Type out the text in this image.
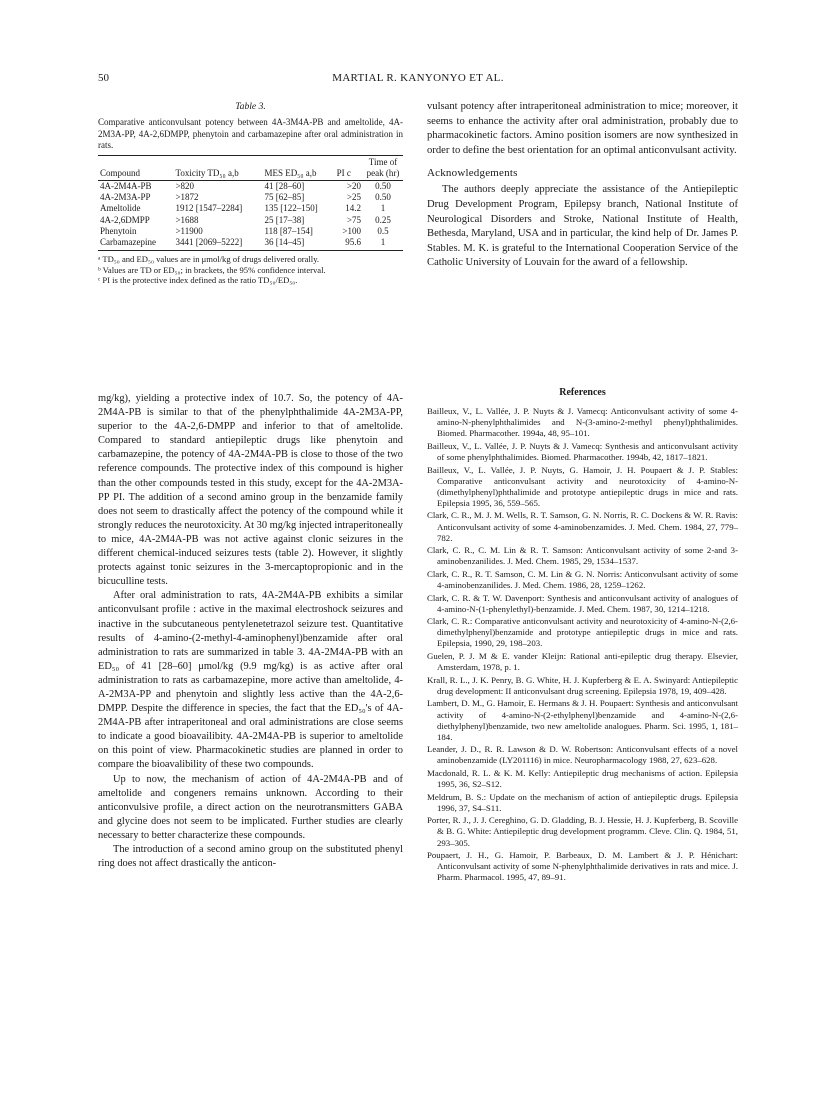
50	MARTIAL R. KANYONYO ET AL.
Table 3.
Comparative anticonvulsant potency between 4A-3M4A-PB and ameltolide, 4A-2M3A-PP, 4A-2,6DMPP, phenytoin and carbamazepine after oral administration in rats.
Compound	Toxicity TD₅₀ a,b	MES ED₅₀ a,b	PI c	Time of peak (hr)
4A-2M4A-PB	>820	41 [28–60]	>20	0.50
4A-2M3A-PP	>1872	75 [62–85]	>25	0.50
Ameltolide	1912 [1547–2284]	135 [122–150]	14.2	1
4A-2,6DMPP	>1688	25 [17–38]	>75	0.25
Phenytoin	>11900	118 [87–154]	>100	0.5
Carbamazepine	3441 [2069–5222]	36 [14–45]	95.6	1

ᵃ TD₅₀ and ED₅₀ values are in μmol/kg of drugs delivered orally.

ᵇ Values are TD or ED₅₀; in brackets, the 95% confidence interval.

ᶜ PI is the protective index defined as the ratio TD₅₀/ED₅₀.

vulsant potency after intraperitoneal administration to mice; moreover, it seems to enhance the activity after oral administration, probably due to pharmacokinetic factors. Amino position isomers are now synthesized in order to define the best orientation for an optimal anticonvulsant activity.

Acknowledgements

The authors deeply appreciate the assistance of the Antiepileptic Drug Development Program, Epilepsy branch, National Institute of Neurological Disorders and Stroke, National Institute of Health, Bethesda, Maryland, USA and in particular, the kind help of Dr. James P. Stables. M. K. is grateful to the International Cooperation Service of the Catholic University of Louvain for the award of a fellowship.

mg/kg), yielding a protective index of 10.7. So, the potency of 4A-2M4A-PB is similar to that of the phenylphthalimide 4A-2M3A-PP, superior to the 4A-2,6-DMPP and inferior to that of ameltolide. Compared to standard antiepileptic drugs like phenytoin and carbamazepine, the potency of 4A-2M4A-PB is close to those of the two reference compounds. The protective index of this compound is higher than the other compounds tested in this study, except for the 4A-2M3A-PP PI. The addition of a second amino group in the benzamide family does not seem to drastically affect the potency of the compound while it strongly reduces the neurotoxicity. At 30 mg/kg injected intraperitoneally to mice, 4A-2M4A-PB was not active against clonic seizures in the different chemical-induced seizures tests (table 2). However, it slightly protects against tonic seizures in the 3-mercaptopropionic and in the bicuculline tests.

After oral administration to rats, 4A-2M4A-PB exhibits a similar anticonvulsant profile : active in the maximal electroshock seizures and inactive in the subcutaneous pentylenetetrazol seizure test. Quantitative results of 4-amino-(2-methyl-4-aminophenyl)benzamide after oral administration to rats are summarized in table 3. 4A-2M4A-PB with an ED₅₀ of 41 [28–60] μmol/kg (9.9 mg/kg) is as active after oral administration to rats as carbamazepine, more active than ameltolide, 4-A-2M3A-PP and phenytoin and slightly less active than the 4A-2,6-DMPP. Despite the difference in species, the fact that the ED₅₀'s of 4A-2M4A-PB after intraperitoneal and oral administrations are close seems to indicate a good bioavailibity. 4A-2M4A-PB is superior to ameltolide on this point of view. Pharmacokinetic studies are planned in order to compare the bioavalibility of these two compounds.

Up to now, the mechanism of action of 4A-2M4A-PB and of ameltolide and congeners remains unknown. According to their anticonvulsive profile, a direct action on the neurotransmitters GABA and glycine does not seem to be implicated. Further studies are clearly necessary to better characterize these compounds.

The introduction of a second amino group on the substituted phenyl ring does not affect drastically the anticon-

References

Bailleux, V., L. Vallée, J. P. Nuyts & J. Vamecq: Anticonvulsant activity of some 4-amino-N-phenylphthalimides and N-(3-amino-2-methyl phenyl)phthalimides. Biomed. Pharmacother. 1994a, 48, 95–101.

Bailleux, V., L. Vallée, J. P. Nuyts & J. Vamecq: Synthesis and anticonvulsant activity of some phenylphthalimides. Biomed. Pharmacother. 1994b, 42, 1817–1821.

Bailleux, V., L. Vallée, J. P. Nuyts, G. Hamoir, J. H. Poupaert & J. P. Stables: Comparative anticonvulsant activity and neurotoxicity of 4-amino-N-(dimethylphenyl)phthalimide and prototype antiepileptic drugs in mice and rats. Epilepsia 1995, 36, 559–565.

Clark, C. R., M. J. M. Wells, R. T. Samson, G. N. Norris, R. C. Dockens & W. R. Ravis: Anticonvulsant activity of some 4-aminobenzamides. J. Med. Chem. 1984, 27, 779–782.

Clark, C. R., C. M. Lin & R. T. Samson: Anticonvulsant activity of some 2-and 3-aminobenzanilides. J. Med. Chem. 1985, 29, 1534–1537.

Clark, C. R., R. T. Samson, C. M. Lin & G. N. Norris: Anticonvulsant activity of some 4-aminobenzanilides. J. Med. Chem. 1986, 28, 1259–1262.

Clark, C. R. & T. W. Davenport: Synthesis and anticonvulsant activity of analogues of 4-amino-N-(1-phenylethyl)-benzamide. J. Med. Chem. 1987, 30, 1214–1218.

Clark, C. R.: Comparative anticonvulsant activity and neurotoxicity of 4-amino-N-(2,6-dimethylphenyl)benzamide and prototype antiepileptic drugs in mice and rats. Epilepsia, 1990, 29, 198–203.

Guelen, P. J. M & E. vander Kleijn: Rational anti-epileptic drug therapy. Elsevier, Amsterdam, 1978, p. 1.

Krall, R. L., J. K. Penry, B. G. White, H. J. Kupferberg & E. A. Swinyard: Antiepileptic drug development: II anticonvulsant drug screening. Epilepsia 1978, 19, 409–428.

Lambert, D. M., G. Hamoir, E. Hermans & J. H. Poupaert: Synthesis and anticonvulsant activity of 4-amino-N-(2-ethylphenyl)benzamide and 4-amino-N-(2,6-diethylphenyl)benzamide, two new ameltolide analogues. Pharm. Sci. 1995, 1, 181–184.

Leander, J. D., R. R. Lawson & D. W. Robertson: Anticonvulsant effects of a novel aminobenzamide (LY201116) in mice. Neuropharmacology 1988, 27, 623–628.

Macdonald, R. L. & K. M. Kelly: Antiepileptic drug mechanisms of action. Epilepsia 1995, 36, S2–S12.

Meldrum, B. S.: Update on the mechanism of action of antiepileptic drugs. Epilepsia 1996, 37, S4–S11.

Porter, R. J., J. J. Cereghino, G. D. Gladding, B. J. Hessie, H. J. Kupferberg, B. Scoville & B. G. White: Antiepileptic drug development programm. Cleve. Clin. Q. 1984, 51, 293–305.

Poupaert, J. H., G. Hamoir, P. Barbeaux, D. M. Lambert & J. P. Hénichart: Anticonvulsant activity of some N-phenylphthalimide derivatives in rats and mice. J. Pharm. Pharmacol. 1995, 47, 89–91.
